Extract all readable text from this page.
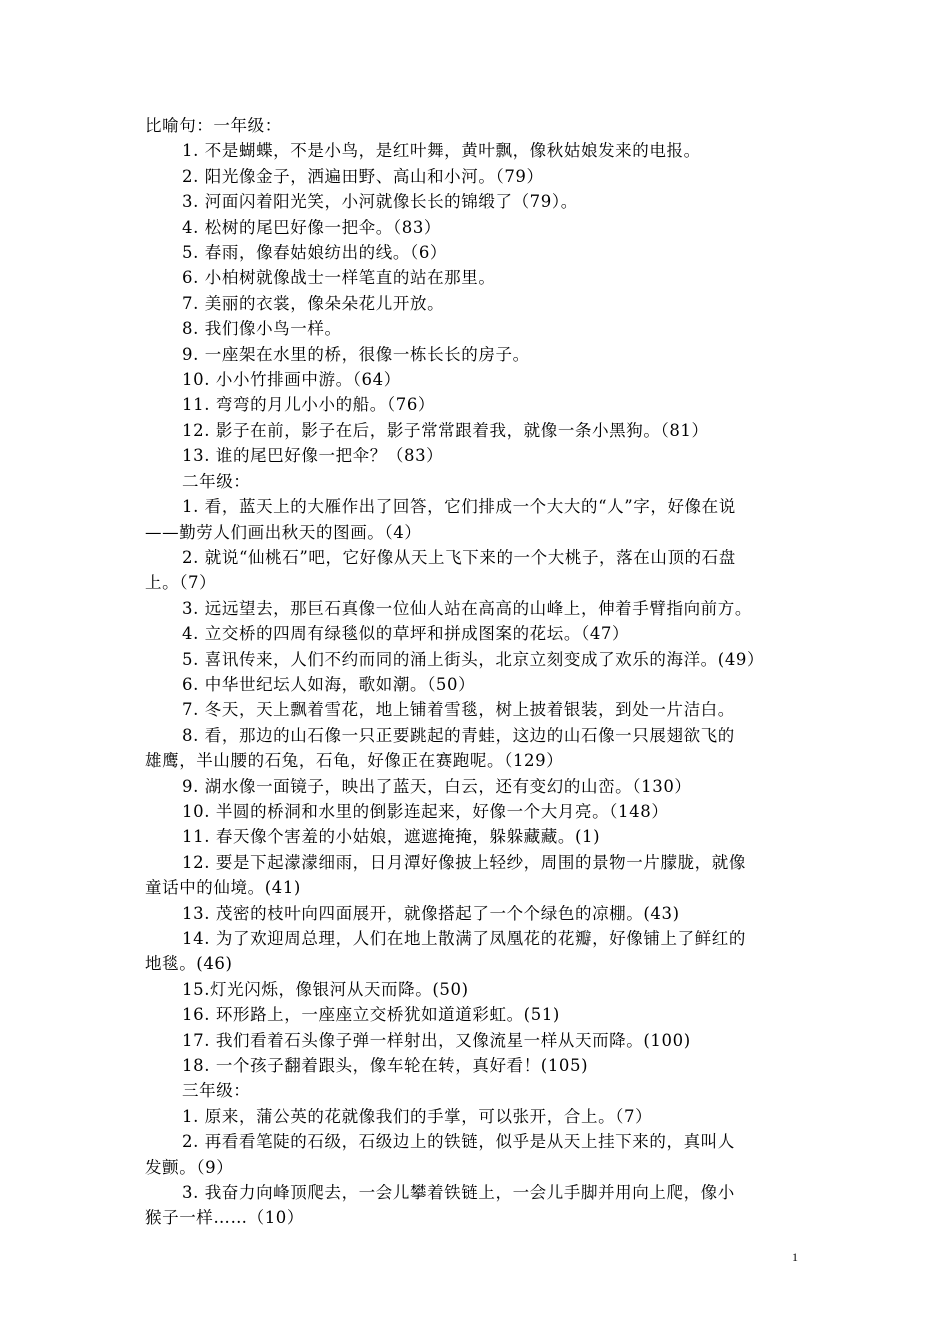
比喻句：一年级：
1. 不是蝴蝶，不是小鸟，是红叶舞，黄叶飘，像秋姑娘发来的电报。
2. 阳光像金子，洒遍田野、高山和小河。（79）
3. 河面闪着阳光笑，小河就像长长的锦缎了（79）。
4. 松树的尾巴好像一把伞。（83）
5. 春雨，像春姑娘纺出的线。（6）
6. 小柏树就像战士一样笔直的站在那里。
7. 美丽的衣裳，像朵朵花儿开放。
8. 我们像小鸟一样。
9. 一座架在水里的桥，很像一栋长长的房子。
10. 小小竹排画中游。（64）
11. 弯弯的月儿小小的船。（76）
12. 影子在前，影子在后，影子常常跟着我，就像一条小黑狗。（81）
13. 谁的尾巴好像一把伞？（83）
二年级：
1. 看，蓝天上的大雁作出了回答，它们排成一个大大的“人”字，好像在说
——勤劳人们画出秋天的图画。（4）
2. 就说“仙桃石”吧，它好像从天上飞下来的一个大桃子，落在山顶的石盘
上。（7）
3. 远远望去，那巨石真像一位仙人站在高高的山峰上，伸着手臂指向前方。
4. 立交桥的四周有绿毯似的草坪和拼成图案的花坛。（47）
5. 喜讯传来，人们不约而同的涌上街头，北京立刻变成了欢乐的海洋。(49）
6. 中华世纪坛人如海，歌如潮。（50）
7. 冬天，天上飘着雪花，地上铺着雪毯，树上披着银装，到处一片洁白。
8. 看，那边的山石像一只正要跳起的青蛙，这边的山石像一只展翅欲飞的
雄鹰，半山腰的石兔，石龟，好像正在赛跑呢。（129）
9. 湖水像一面镜子，映出了蓝天，白云，还有变幻的山峦。（130）
10. 半圆的桥洞和水里的倒影连起来，好像一个大月亮。（148）
11. 春天像个害羞的小姑娘，遮遮掩掩，躲躲藏藏。(1)
12. 要是下起濛濛细雨，日月潭好像披上轻纱，周围的景物一片朦胧，就像
童话中的仙境。(41)
13. 茂密的枝叶向四面展开，就像搭起了一个个绿色的凉棚。(43)
14. 为了欢迎周总理，人们在地上散满了凤凰花的花瓣，好像铺上了鲜红的
地毯。(46)
15.灯光闪烁，像银河从天而降。(50)
16. 环形路上，一座座立交桥犹如道道彩虹。(51)
17. 我们看着石头像子弹一样射出，又像流星一样从天而降。(100)
18. 一个孩子翻着跟头，像车轮在转，真好看！(105)
三年级：
1. 原来，蒲公英的花就像我们的手掌，可以张开，合上。（7）
2. 再看看笔陡的石级，石级边上的铁链，似乎是从天上挂下来的，真叫人
发颤。（9）
3. 我奋力向峰顶爬去，一会儿攀着铁链上，一会儿手脚并用向上爬，像小
猴子一样……（10）
1
